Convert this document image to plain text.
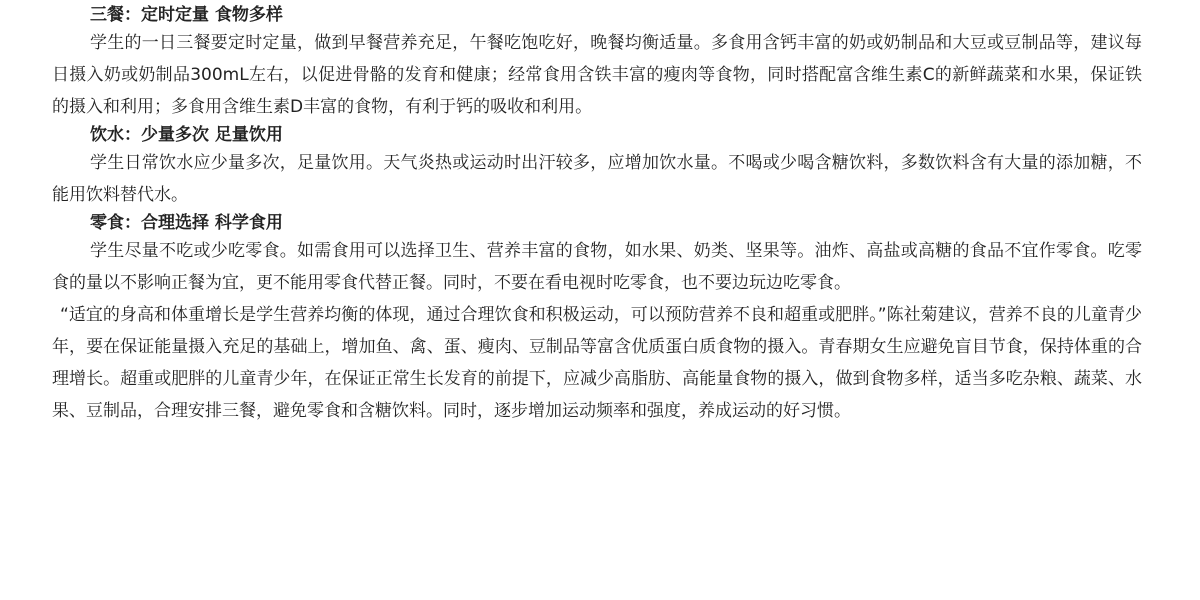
三餐：定时定量 食物多样

学生的一日三餐要定时定量，做到早餐营养充足，午餐吃饱吃好，晚餐均衡适量。多食用含钙丰富的奶或奶制品和大豆或豆制品等，建议每日摄入奶或奶制品300mL左右，以促进骨骼的发育和健康；经常食用含铁丰富的瘦肉等食物，同时搭配富含维生素C的新鲜蔬菜和水果，保证铁的摄入和利用；多食用含维生素D丰富的食物，有利于钙的吸收和利用。

饮水：少量多次 足量饮用

学生日常饮水应少量多次，足量饮用。天气炎热或运动时出汗较多，应增加饮水量。不喝或少喝含糖饮料，多数饮料含有大量的添加糖，不能用饮料替代水。

零食：合理选择 科学食用

学生尽量不吃或少吃零食。如需食用可以选择卫生、营养丰富的食物，如水果、奶类、坚果等。油炸、高盐或高糖的食品不宜作零食。吃零食的量以不影响正餐为宜，更不能用零食代替正餐。同时，不要在看电视时吃零食，也不要边玩边吃零食。

“适宜的身高和体重增长是学生营养均衡的体现，通过合理饮食和积极运动，可以预防营养不良和超重或肥胖。”陈社菊建议，营养不良的儿童青少年，要在保证能量摄入充足的基础上，增加鱼、禽、蛋、瘦肉、豆制品等富含优质蛋白质食物的摄入。青春期女生应避免盲目节食，保持体重的合理增长。超重或肥胖的儿童青少年，在保证正常生长发育的前提下，应减少高脂肪、高能量食物的摄入，做到食物多样，适当多吃杂粮、蔬菜、水果、豆制品，合理安排三餐，避免零食和含糖饮料。同时，逐步增加运动频率和强度，养成运动的好习惯。
